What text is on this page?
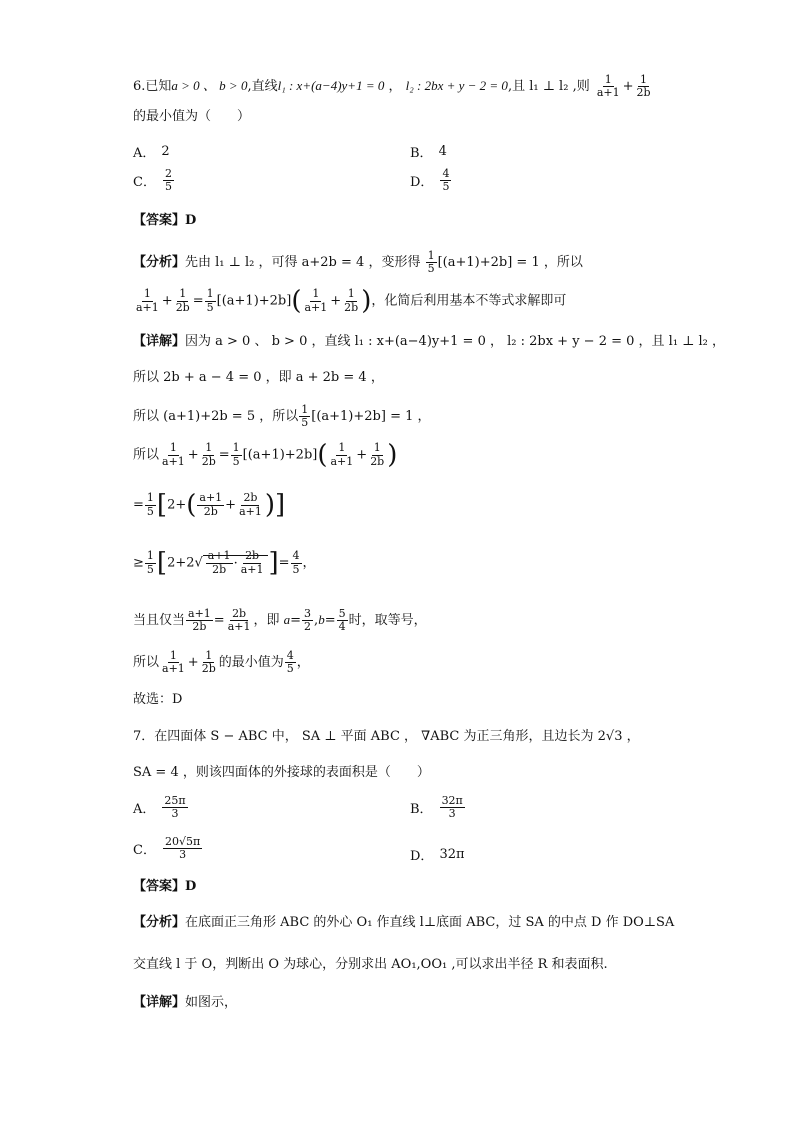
6.已知a > 0 、 b > 0,直线l₁ : x+(a−4)y+1 = 0 ， l₂ : 2bx + y − 2 = 0,且 l₁ ⊥ l₂ ,则 $\frac{1}{a+1} + \frac{1}{2b}$
的最小值为（　　）
A． 2	B． 4
C． $\frac{2}{5}$	D． $\frac{4}{5}$
【答案】D
【分析】先由 l₁ ⊥ l₂ ，可得 a+2b = 4 ，变形得 $\frac{1}{5} [(a+1)+2b] = 1$ ，所以
$\frac{1}{a+1} + \frac{1}{2b} = \frac{1}{5} [(a+1)+2b]( \frac{1}{a+1} + \frac{1}{2b}$ )，化简后利用基本不等式求解即可
【详解】因为 a > 0 、 b > 0 ，直线 l₁ : x+(a−4)y+1 = 0 ， l₂ : 2bx + y − 2 = 0 ，且 l₁ ⊥ l₂ ，
所以 2b + a − 4 = 0 ，即 a + 2b = 4 ，
所以 (a+1)+2b = 5 ，所以 $\frac{1}{5} [(a+1)+2b] = 1$ ，
所以 $\frac{1}{a+1} + \frac{1}{2b} = \frac{1}{5} [(a+1)+2b]( \frac{1}{a+1} + \frac{1}{2b}$ )
= $\frac{1}{5} [2+( \frac{a+1}{2b} + \frac{2b}{a+1}$ )]
≥ $\frac{1}{5} [2+2√ \frac{a+1}{2b} \cdot \frac{2b}{a+1}$ ]= $\frac{4}{5}$ ，
当且仅当 $\frac{a+1}{2b} = \frac{2b}{a+1}$ ，即 $a= \frac{3}{2} ,b= \frac{5}{4}$ 时，取等号，
所以 $\frac{1}{a+1} + \frac{1}{2b}$ 的最小值为 $\frac{4}{5}$ ，
故选：D
7．在四面体 S − ABC 中， SA ⊥ 平面 ABC ， ∇ABC 为正三角形，且边长为 2√3 ，
SA = 4 ，则该四面体的外接球的表面积是（　　）
A． $\frac{25\pi}{3}$	B． $\frac{32\pi}{3}$
C． $\frac{20√5\pi}{3}$	D． 32π
【答案】D
【分析】在底面正三角形 ABC 的外心 O₁ 作直线 l⊥底面 ABC，过 SA 的中点 D 作 DO⊥SA
交直线 l 于 O，判断出 O 为球心，分别求出 AO₁,OO₁ ,可以求出半径 R 和表面积.
【详解】如图示，
